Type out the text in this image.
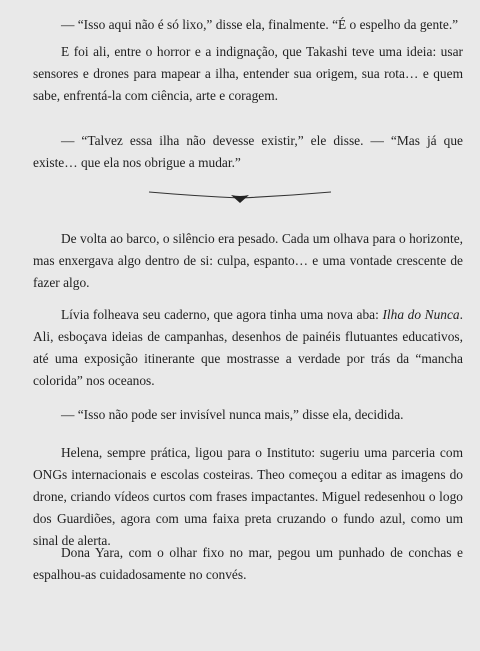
— “Isso aqui não é só lixo,” disse ela, finalmente. “É o espelho da gente.”

E foi ali, entre o horror e a indignação, que Takashi teve uma ideia: usar sensores e drones para mapear a ilha, entender sua origem, sua rota… e quem sabe, enfrentá-la com ciência, arte e coragem.

— “Talvez essa ilha não devesse existir,” ele disse. — “Mas já que existe… que ela nos obrigue a mudar.”

De volta ao barco, o silêncio era pesado. Cada um olhava para o horizonte, mas enxergava algo dentro de si: culpa, espanto… e uma vontade crescente de fazer algo.

Lívia folheava seu caderno, que agora tinha uma nova aba: Ilha do Nunca. Ali, esboçava ideias de campanhas, desenhos de painéis flutuantes educativos, até uma exposição itinerante que mostrasse a verdade por trás da “mancha colorida” nos oceanos.

— “Isso não pode ser invisível nunca mais,” disse ela, decidida.

Helena, sempre prática, ligou para o Instituto: sugeriu uma parceria com ONGs internacionais e escolas costeiras. Theo começou a editar as imagens do drone, criando vídeos curtos com frases impactantes. Miguel redesenhou o logo dos Guardiões, agora com uma faixa preta cruzando o fundo azul, como um sinal de alerta.

Dona Yara, com o olhar fixo no mar, pegou um punhado de conchas e espalhou-as cuidadosamente no convés.
